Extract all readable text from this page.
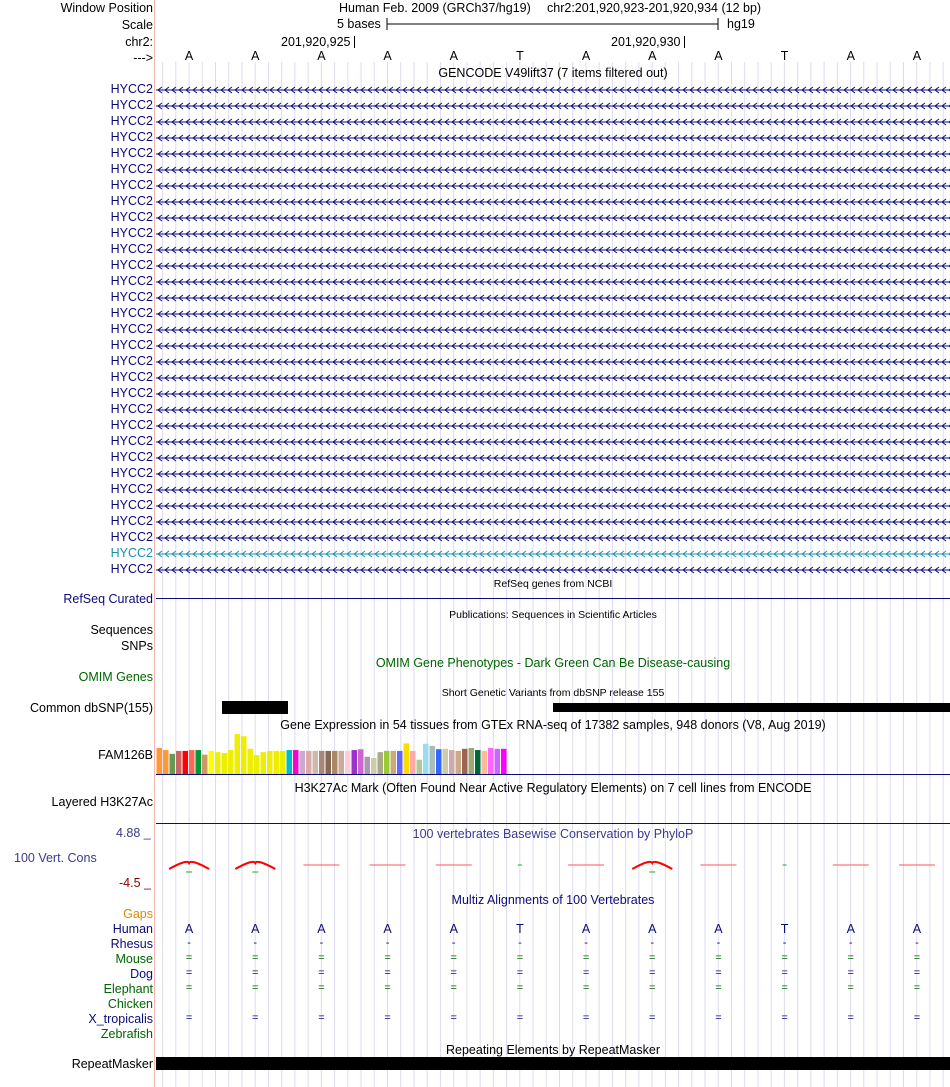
Window Position	Human Feb. 2009 (GRCh37/hg19) chr2:201,920,923-201,920,934 (12 bp)
Scale	5 bases	hg19
chr2:	201,920,925	201,920,930
--->	A	A	A	A	A	T	A	A	A	T	A	A
GENCODE V49lift37 (7 items filtered out)
HYCC2
HYCC2
HYCC2
HYCC2
HYCC2
HYCC2
HYCC2
HYCC2
HYCC2
HYCC2
HYCC2
HYCC2
HYCC2
HYCC2
HYCC2
HYCC2
HYCC2
HYCC2
HYCC2
HYCC2
HYCC2
HYCC2
HYCC2
HYCC2
HYCC2
HYCC2
HYCC2
HYCC2
HYCC2
HYCC2
HYCC2
RefSeq genes from NCBI
RefSeq Curated
Publications: Sequences in Scientific Articles
Sequences
SNPs
OMIM Gene Phenotypes - Dark Green Can Be Disease-causing
OMIM Genes
Short Genetic Variants from dbSNP release 155
Common dbSNP(155)
Gene Expression in 54 tissues from GTEx RNA-seq of 17382 samples, 948 donors (V8, Aug 2019)
FAM126B
H3K27Ac Mark (Often Found Near Active Regulatory Elements) on 7 cell lines from ENCODE
Layered H3K27Ac
100 vertebrates Basewise Conservation by PhyloP
4.88 _
100 Vert. Cons
-4.5 _
Multiz Alignments of 100 Vertebrates
Gaps
Human	A	A	A	A	A	T	A	A	A	T	A	A
Rhesus	-	-	-	-	-	-	-	-	-	-	-	-
Mouse	=	=	=	=	=	=	=	=	=	=	=	=
Dog	=	=	=	=	=	=	=	=	=	=	=	=
Elephant	=	=	=	=	=	=	=	=	=	=	=	=
Chicken
X_tropicalis	=	=	=	=	=	=	=	=	=	=	=	=
Zebrafish
Repeating Elements by RepeatMasker
RepeatMasker
